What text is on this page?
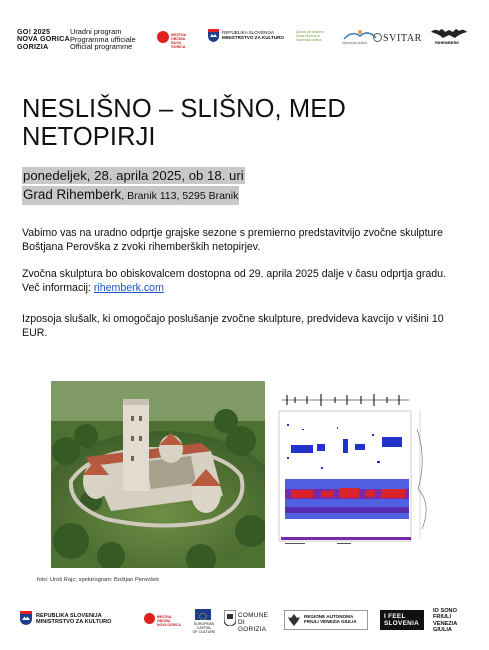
GO! 2025
NOVA GORICA
GORIZIA
Uradni program
Programma ufficiale
Official programme
MESTNA OBČINA
NOVA GORICA
REPUBLIKA SLOVENIJA
MINISTRSTVO ZA KULTURO
Zavod za turizem
Nova Gorica in
Vipavska dolina
Vipavska dolina SVITAR	RIHEMBERK
NESLIŠNO – SLIŠNO, MED NETOPIRJI
ponedeljek, 28. aprila 2025, ob 18. uri
Grad Rihemberk, Branik 113, 5295 Branik

Vabimo vas na uradno odprtje grajske sezone s premierno predstavitvijo zvočne skulpture Boštjana Perovška z zvoki rihemberških netopirjev.

Zvočna skulptura bo obiskovalcem dostopna od 29. aprila 2025 dalje v času odprtja gradu. Več informacij: rihemberk.com

Izposoja slušalk, ki omogočajo poslušanje zvočne skulpture, predvideva kavcijo v višini 10 EUR.

foto: Uroš Rajc; spektrogram: Boštjan Perovšek
REPUBLIKA SLOVENIJA
MINISTRSTVO ZA KULTURO
MESTNA OBČINA
NOVA GORICA	EUROPEAN CAPITAL
OF CULTURE
COMUNE DI
GORIZIA
REGIONE AUTONOMA
FRIULI VENEZIA GIULIA
I FEEL
SLOVENIA
IO SONO
FRIULI
VENEZIA
GIULIA
